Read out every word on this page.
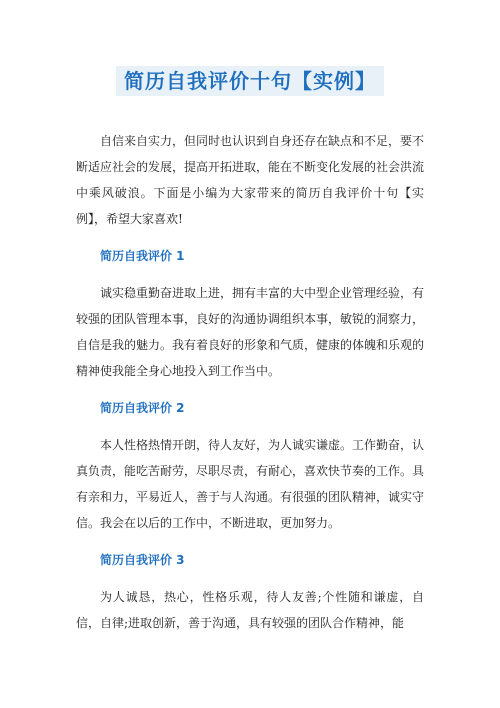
简历自我评价十句【实例】

自信来自实力，但同时也认识到自身还存在缺点和不足，要不断适应社会的发展，提高开拓进取，能在不断变化发展的社会洪流中乘风破浪。下面是小编为大家带来的简历自我评价十句【实例】，希望大家喜欢!

简历自我评价 1

诚实稳重勤奋进取上进，拥有丰富的大中型企业管理经验，有较强的团队管理本事，良好的沟通协调组织本事，敏锐的洞察力，自信是我的魅力。我有着良好的形象和气质，健康的体魄和乐观的精神使我能全身心地投入到工作当中。

简历自我评价 2

本人性格热情开朗，待人友好，为人诚实谦虚。工作勤奋，认真负责，能吃苦耐劳，尽职尽责，有耐心，喜欢快节奏的工作。具有亲和力，平易近人，善于与人沟通。有很强的团队精神，诚实守信。我会在以后的工作中，不断进取，更加努力。

简历自我评价 3

为人诚恳，热心，性格乐观，待人友善;个性随和谦虚，自信，自律;进取创新，善于沟通，具有较强的团队合作精神，能
